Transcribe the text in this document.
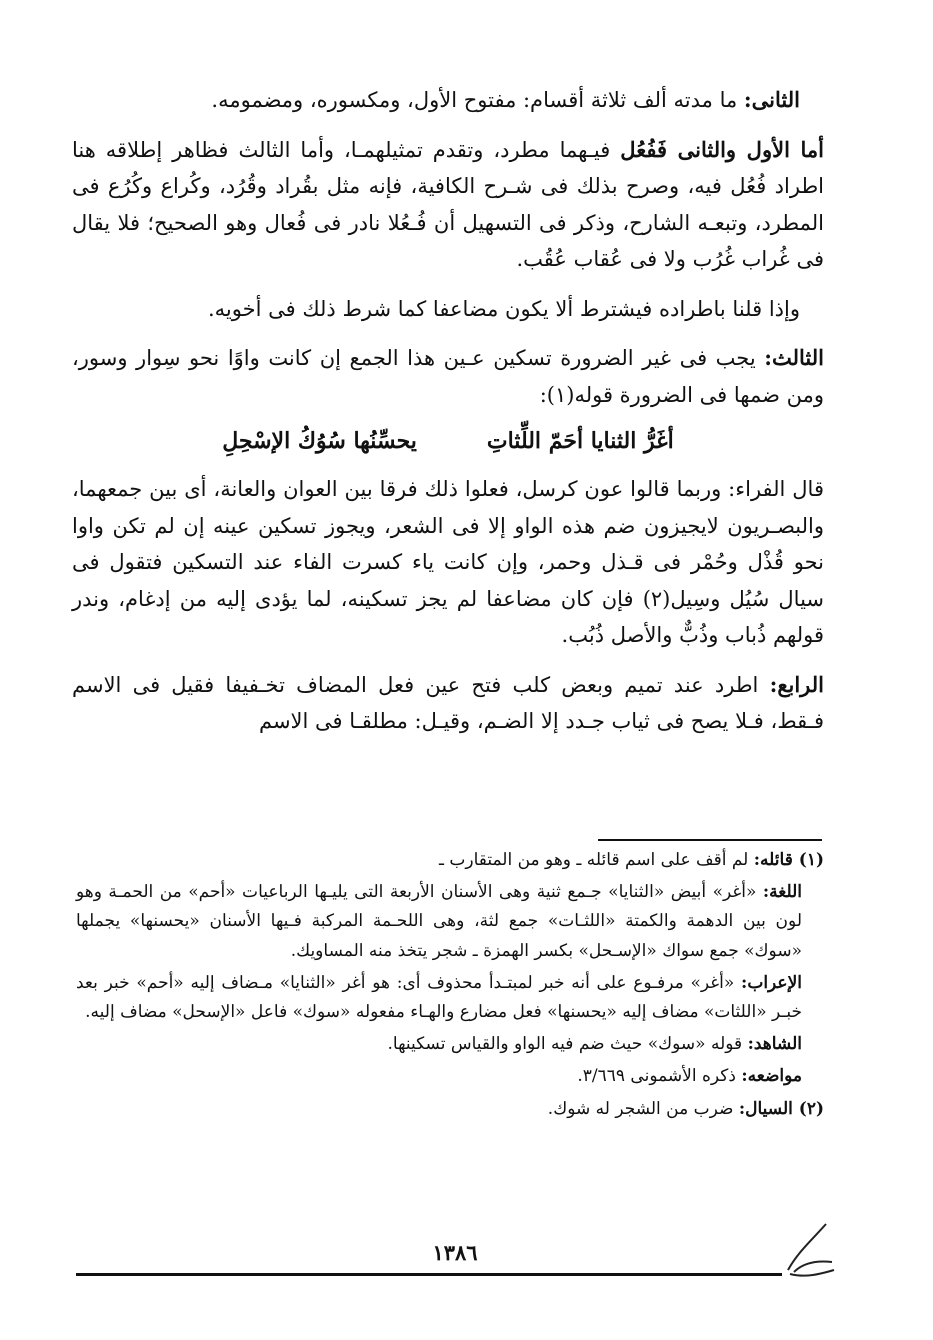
الثانى: ما مدته ألف ثلاثة أقسام: مفتوح الأول، ومكسوره، ومضمومه.

أما الأول والثانى فَفُعُل فيـهما مطرد، وتقدم تمثيلهمـا، وأما الثالث فظاهر إطلاقه هنا اطراد فُعُل فيه، وصرح بذلك فى شـرح الكافية، فإنه مثل بقُراد وقُرُد، وكُراع وكُرُع فى المطرد، وتبعـه الشارح، وذكر فى التسهيل أن فُـعُلا نادر فى فُعال وهو الصحيح؛ فلا يقال فى غُراب غُرُب ولا فى عُقاب عُقُب.

وإذا قلنا باطراده فيشترط ألا يكون مضاعفا كما شرط ذلك فى أخويه.

الثالث: يجب فى غير الضرورة تسكين عـين هذا الجمع إن كانت واوًا نحو سِوار وسور، ومن ضمها فى الضرورة قوله(١):

أغَرُّ الثنايا أحَمّ اللِّثاتِ
يحسِّنُها سُوُكُ الإسْحِلِ

قال الفراء: وربما قالوا عون كرسل، فعلوا ذلك فرقا بين العوان والعانة، أى بين جمعهما، والبصـريون لايجيزون ضم هذه الواو إلا فى الشعر، ويجوز تسكين عينه إن لم تكن واوا نحو قُذْل وحُمْر فى قـذل وحمر، وإن كانت ياء كسرت الفاء عند التسكين فتقول فى سيال سُيُل وسِيل(٢) فإن كان مضاعفا لم يجز تسكينه، لما يؤدى إليه من إدغام، وندر قولهم ذُباب وذُبٌّ والأصل ذُبُب.

الرابع: اطرد عند تميم وبعض كلب فتح عين فعل المضاف تخـفيفا فقيل فى الاسم فـقط، فـلا يصح فى ثياب جـدد إلا الضـم، وقيـل: مطلقـا فى الاسم

(١) قائله: لم أقف على اسم قائله ـ وهو من المتقارب ـ

اللغة: «أغر» أبيض «الثنايا» جـمع ثنية وهى الأسنان الأربعة التى يليـها الرباعيات «أحم» من الحمـة وهو لون بين الدهمة والكمتة «اللثـات» جمع لثة، وهى اللحـمة المركبة فـيها الأسنان «يحسنها» يجملها «سوك» جمع سواك «الإسـحل» بكسر الهمزة ـ شجر يتخذ منه المساويك.

الإعراب: «أغر» مرفـوع على أنه خبر لمبتـدأ محذوف أى: هو أغر «الثنايا» مـضاف إليه «أحم» خبر بعد خبـر «اللثات» مضاف إليه «يحسنها» فعل مضارع والهـاء مفعوله «سوك» فاعل «الإسحل» مضاف إليه.

الشاهد: قوله «سوك» حيث ضم فيه الواو والقياس تسكينها.

مواضعه: ذكره الأشمونى ٣/٦٦٩.

(٢) السيال: ضرب من الشجر له شوك.

١٣٨٦
